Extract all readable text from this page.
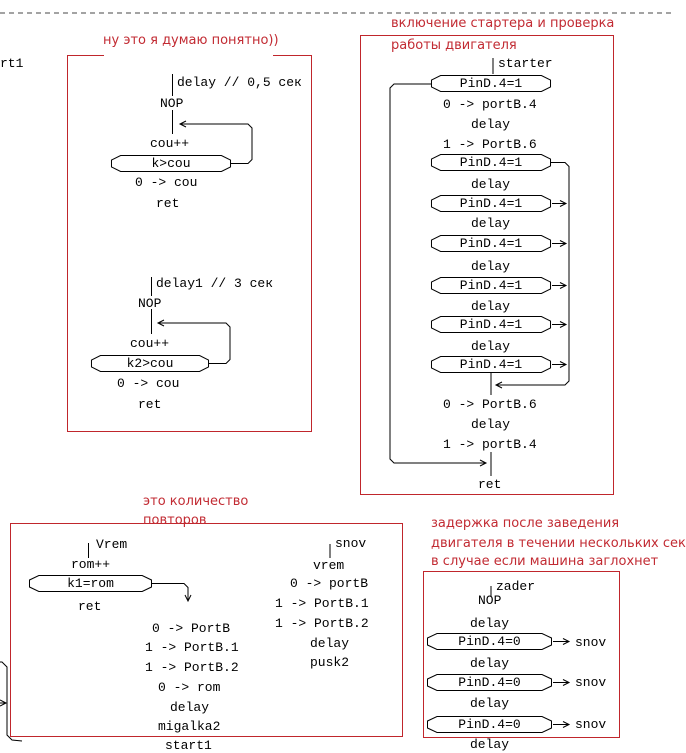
ну это я думаю понятно))
включение стартера и проверка
работы двигателя
это количество
повторов	задержка после заведения
двигателя в течении нескольких сек
в случае если машина заглохнет
rt1
delay // 0,5 сек
NOP
cou++
k>cou
0 -> cou
ret
delay1 // 3 сек
NOP
cou++
k2>cou
0 -> cou
ret
starter
PinD.4=1
0 -> portB.4
delay
1 -> PortB.6
PinD.4=1
delay
PinD.4=1
delay
PinD.4=1
delay
PinD.4=1
delay
PinD.4=1
delay
PinD.4=1
0 -> PortB.6
delay
1 -> portB.4
ret
Vrem
rom++
k1=rom
ret
0 -> PortB
1 -> PortB.1
1 -> PortB.2
0 -> rom
delay
migalka2
start1
snov
vrem
0 -> portB
1 -> PortB.1
1 -> PortB.2
delay
pusk2
zader
NOP
delay
PinD.4=0	snov
delay
PinD.4=0	snov
delay
PinD.4=0	snov
delay
